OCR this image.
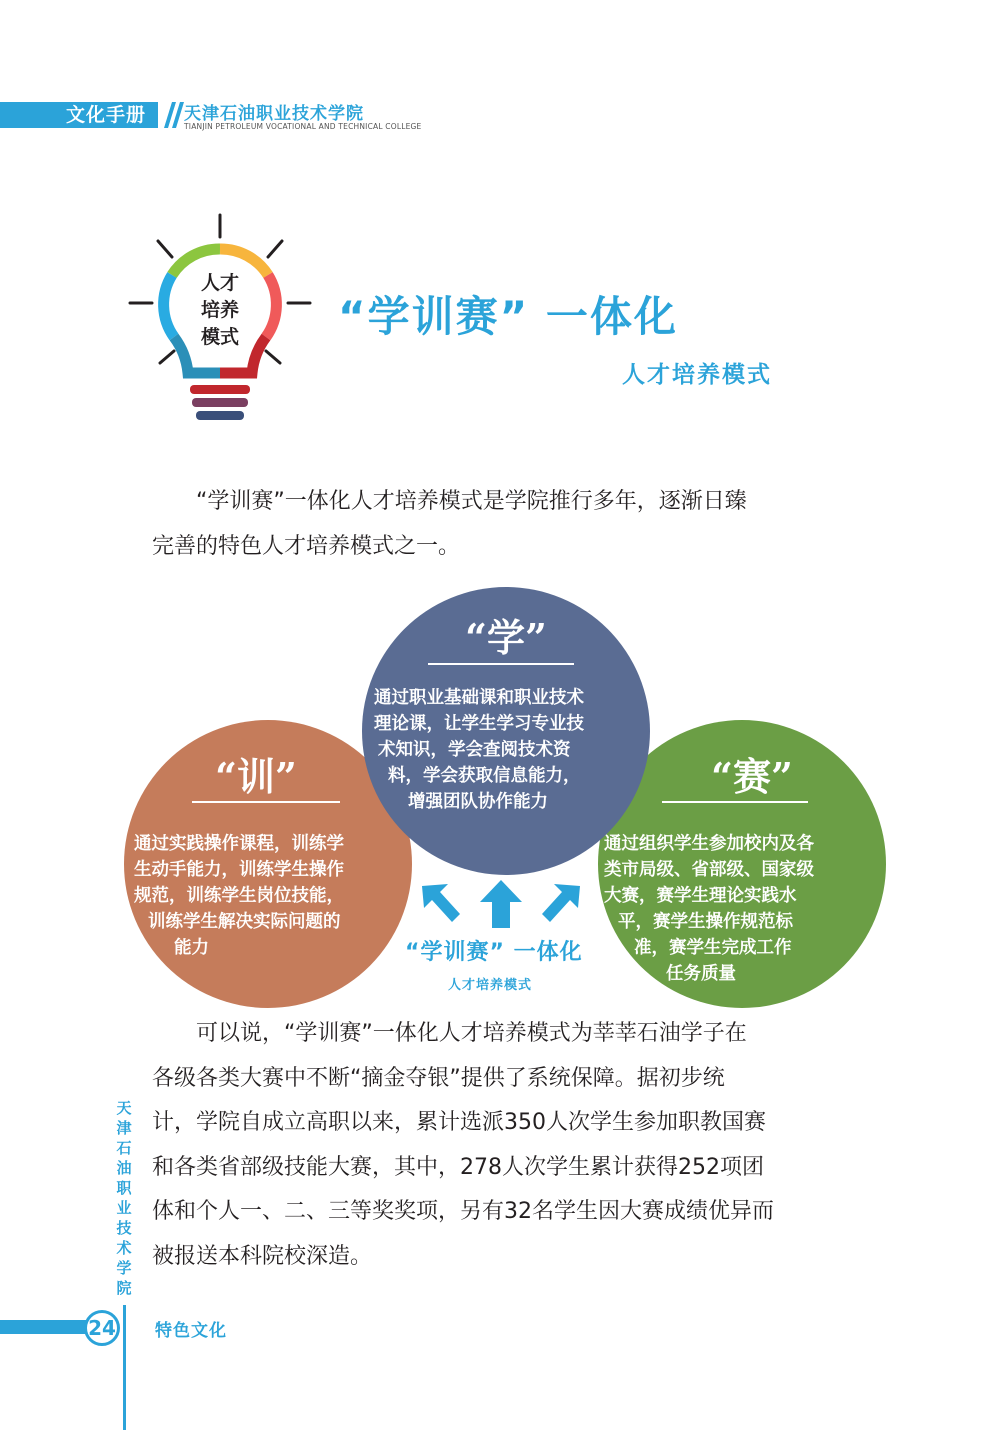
文化手册	天津石油职业技术学院
TIANJIN PETROLEUM VOCATIONAL AND TECHNICAL COLLEGE
人才
培养
模式	“学训赛” 一体化
人才培养模式
“学训赛”一体化人才培养模式是学院推行多年，逐渐日臻
完善的特色人才培养模式之一。
“训”
通过实践操作课程，训练学
生动手能力，训练学生操作
规范，训练学生岗位技能，
训练学生解决实际问题的
能力
“赛”
通过组织学生参加校内及各
类市局级、省部级、国家级
大赛，赛学生理论实践水
平，赛学生操作规范标
准，赛学生完成工作
任务质量
“学”
通过职业基础课和职业技术
理论课，让学生学习专业技
术知识，学会查阅技术资
料，学会获取信息能力，
增强团队协作能力
“学训赛” 一体化
人才培养模式
可以说，“学训赛”一体化人才培养模式为莘莘石油学子在
各级各类大赛中不断“摘金夺银”提供了系统保障。据初步统
计，学院自成立高职以来，累计选派350人次学生参加职教国赛
和各类省部级技能大赛，其中，278人次学生累计获得252项团
体和个人一、二、三等奖奖项，另有32名学生因大赛成绩优异而
被报送本科院校深造。
天津石油职业技术学院
24 特色文化
